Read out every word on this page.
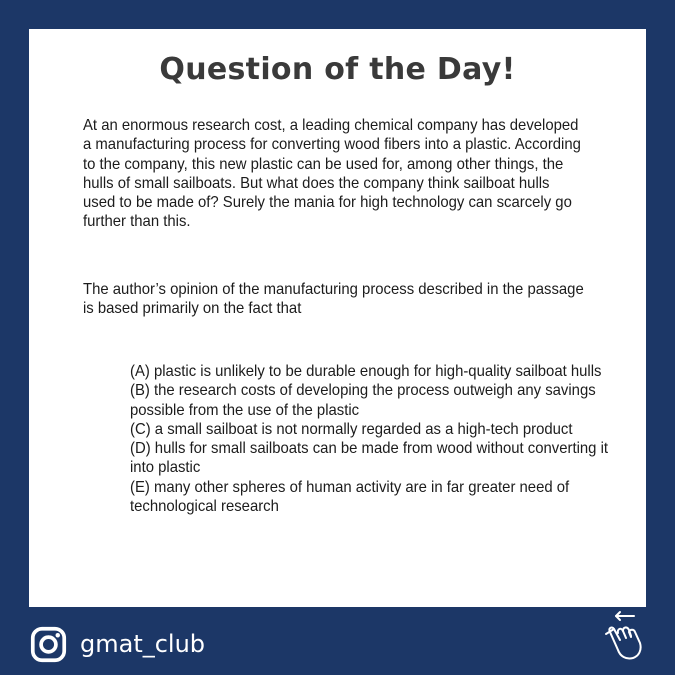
Question of the Day!

At an enormous research cost, a leading chemical company has developed a manufacturing process for converting wood fibers into a plastic. According to the company, this new plastic can be used for, among other things, the hulls of small sailboats. But what does the company think sailboat hulls used to be made of? Surely the mania for high technology can scarcely go further than this.

The author’s opinion of the manufacturing process described in the passage is based primarily on the fact that

(A) plastic is unlikely to be durable enough for high-quality sailboat hulls
(B) the research costs of developing the process outweigh any savings possible from the use of the plastic
(C) a small sailboat is not normally regarded as a high-tech product
(D) hulls for small sailboats can be made from wood without converting it into plastic
(E) many other spheres of human activity are in far greater need of technological research
gmat_club
